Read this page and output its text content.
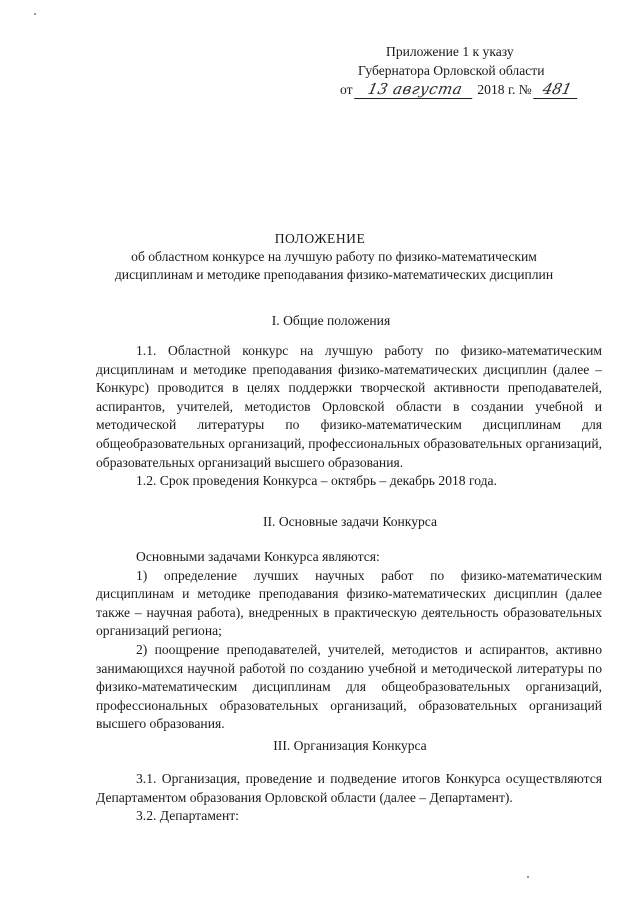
Приложение 1 к указу
Губернатора Орловской области
от 13 августа 2018 г. № 481
ПОЛОЖЕНИЕ
об областном конкурсе на лучшую работу по физико-математическим
дисциплинам и методике преподавания физико-математических дисциплин
I. Общие положения

1.1. Областной конкурс на лучшую работу по физико-математическим дисциплинам и методике преподавания физико-математических дисциплин (далее – Конкурс) проводится в целях поддержки творческой активности преподавателей, аспирантов, учителей, методистов Орловской области в создании учебной и методической литературы по физико-математическим дисциплинам для общеобразовательных организаций, профессиональных образовательных организаций, образовательных организаций высшего образования.

1.2. Срок проведения Конкурса – октябрь – декабрь 2018 года.

II. Основные задачи Конкурса

Основными задачами Конкурса являются:

1) определение лучших научных работ по физико-математическим дисциплинам и методике преподавания физико-математических дисциплин (далее также – научная работа), внедренных в практическую деятельность образовательных организаций региона;

2) поощрение преподавателей, учителей, методистов и аспирантов, активно занимающихся научной работой по созданию учебной и методической литературы по физико-математическим дисциплинам для общеобразовательных организаций, профессиональных образовательных организаций, образовательных организаций высшего образования.

III. Организация Конкурса

3.1. Организация, проведение и подведение итогов Конкурса осуществляются Департаментом образования Орловской области (далее – Департамент).

3.2. Департамент:
